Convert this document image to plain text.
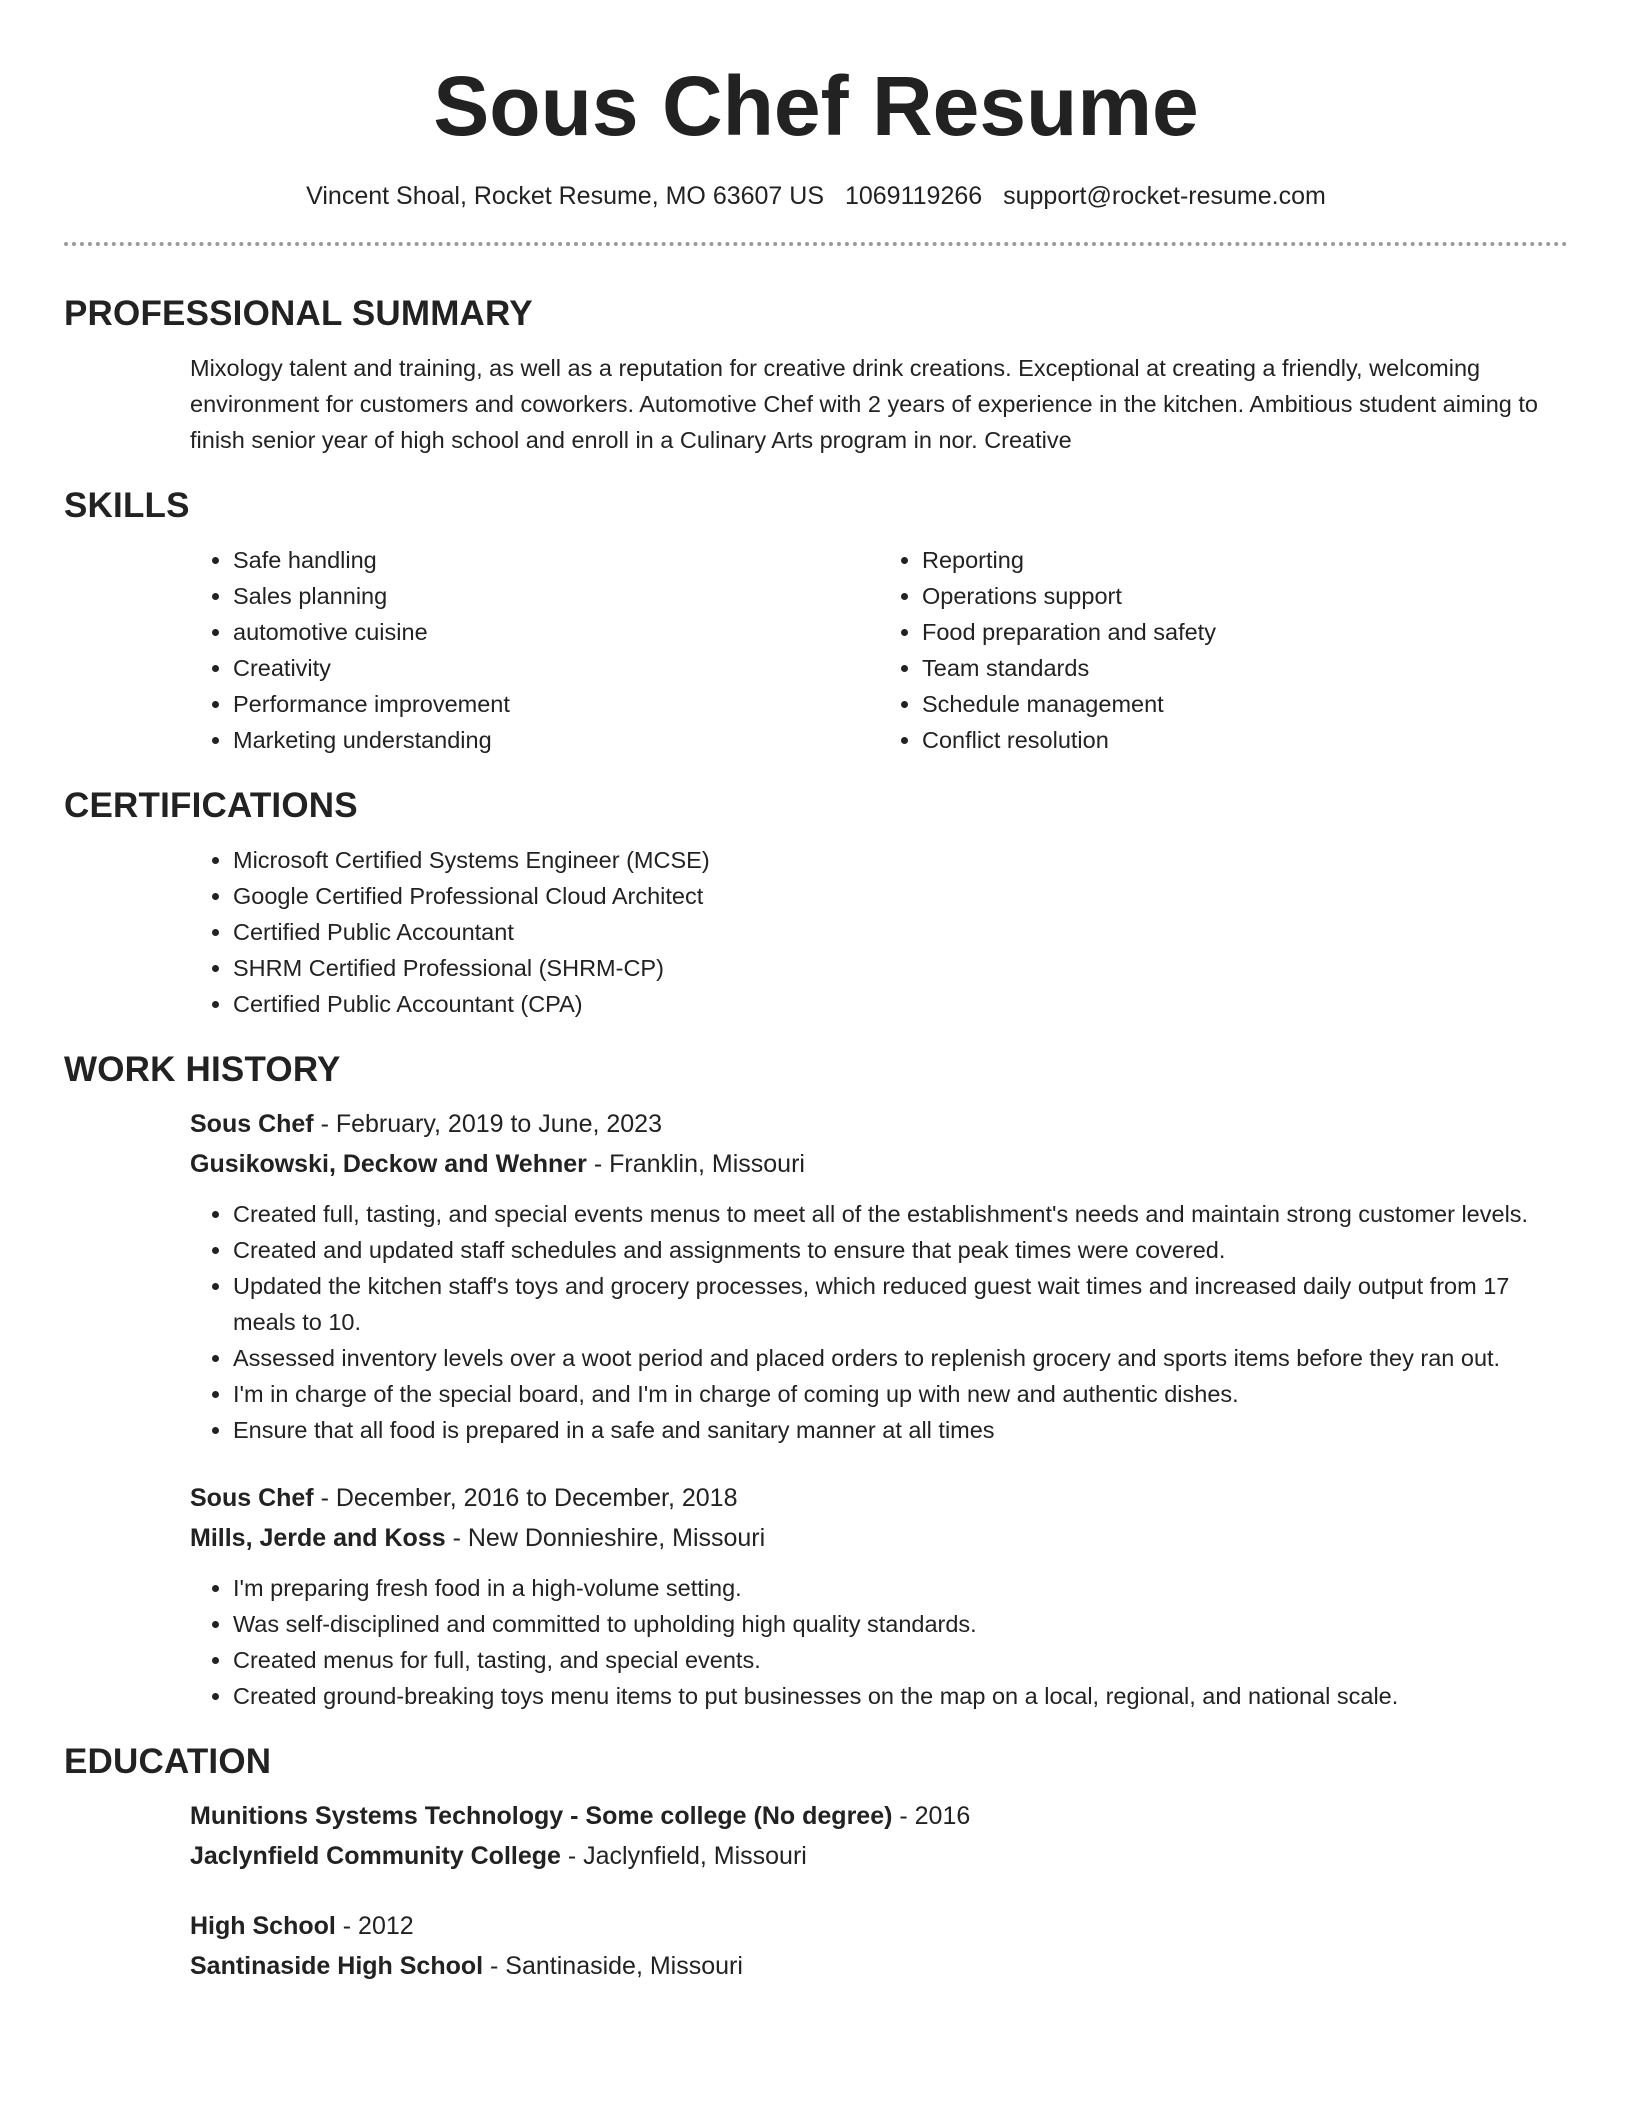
Sous Chef Resume
Vincent Shoal, Rocket Resume, MO 63607 US 1069119266 support@rocket-resume.com
PROFESSIONAL SUMMARY
Mixology talent and training, as well as a reputation for creative drink creations. Exceptional at creating a friendly, welcoming environment for customers and coworkers. Automotive Chef with 2 years of experience in the kitchen. Ambitious student aiming to finish senior year of high school and enroll in a Culinary Arts program in nor. Creative
SKILLS
• Safe handling
• Sales planning
• automotive cuisine
• Creativity
• Performance improvement
• Marketing understanding
• Reporting
• Operations support
• Food preparation and safety
• Team standards
• Schedule management
• Conflict resolution
CERTIFICATIONS
• Microsoft Certified Systems Engineer (MCSE)
• Google Certified Professional Cloud Architect
• Certified Public Accountant
• SHRM Certified Professional (SHRM-CP)
• Certified Public Accountant (CPA)
WORK HISTORY
Sous Chef - February, 2019 to June, 2023
Gusikowski, Deckow and Wehner - Franklin, Missouri
• Created full, tasting, and special events menus to meet all of the establishment's needs and maintain strong customer levels.
• Created and updated staff schedules and assignments to ensure that peak times were covered.
• Updated the kitchen staff's toys and grocery processes, which reduced guest wait times and increased daily output from 17 meals to 10.
• Assessed inventory levels over a woot period and placed orders to replenish grocery and sports items before they ran out.
• I'm in charge of the special board, and I'm in charge of coming up with new and authentic dishes.
• Ensure that all food is prepared in a safe and sanitary manner at all times
Sous Chef - December, 2016 to December, 2018
Mills, Jerde and Koss - New Donnieshire, Missouri
• I'm preparing fresh food in a high-volume setting.
• Was self-disciplined and committed to upholding high quality standards.
• Created menus for full, tasting, and special events.
• Created ground-breaking toys menu items to put businesses on the map on a local, regional, and national scale.
EDUCATION
Munitions Systems Technology - Some college (No degree) - 2016
Jaclynfield Community College - Jaclynfield, Missouri
High School - 2012
Santinaside High School - Santinaside, Missouri
